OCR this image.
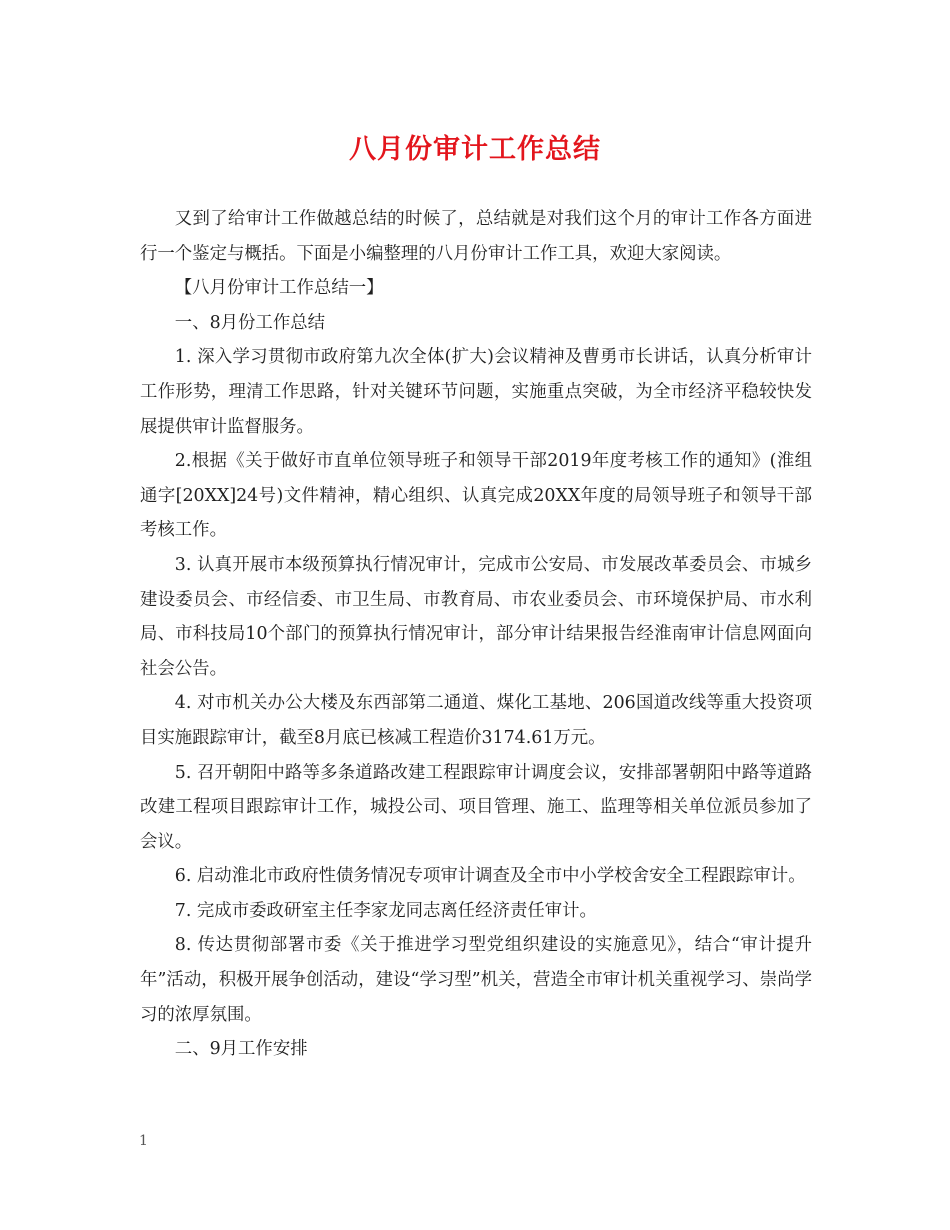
八月份审计工作总结

又到了给审计工作做越总结的时候了，总结就是对我们这个月的审计工作各方面进行一个鉴定与概括。下面是小编整理的八月份审计工作工具，欢迎大家阅读。

【八月份审计工作总结一】

一、8月份工作总结

1. 深入学习贯彻市政府第九次全体(扩大)会议精神及曹勇市长讲话，认真分析审计工作形势，理清工作思路，针对关键环节问题，实施重点突破，为全市经济平稳较快发展提供审计监督服务。

2.根据《关于做好市直单位领导班子和领导干部2019年度考核工作的通知》(淮组通字[20XX]24号)文件精神，精心组织、认真完成20XX年度的局领导班子和领导干部考核工作。

3. 认真开展市本级预算执行情况审计，完成市公安局、市发展改革委员会、市城乡建设委员会、市经信委、市卫生局、市教育局、市农业委员会、市环境保护局、市水利局、市科技局10个部门的预算执行情况审计，部分审计结果报告经淮南审计信息网面向社会公告。

4. 对市机关办公大楼及东西部第二通道、煤化工基地、206国道改线等重大投资项目实施跟踪审计，截至8月底已核减工程造价3174.61万元。

5. 召开朝阳中路等多条道路改建工程跟踪审计调度会议，安排部署朝阳中路等道路改建工程项目跟踪审计工作，城投公司、项目管理、施工、监理等相关单位派员参加了会议。

6. 启动淮北市政府性债务情况专项审计调查及全市中小学校舍安全工程跟踪审计。

7. 完成市委政研室主任李家龙同志离任经济责任审计。

8. 传达贯彻部署市委《关于推进学习型党组织建设的实施意见》，结合“审计提升年”活动，积极开展争创活动，建设“学习型”机关，营造全市审计机关重视学习、崇尚学习的浓厚氛围。

二、9月工作安排

1
